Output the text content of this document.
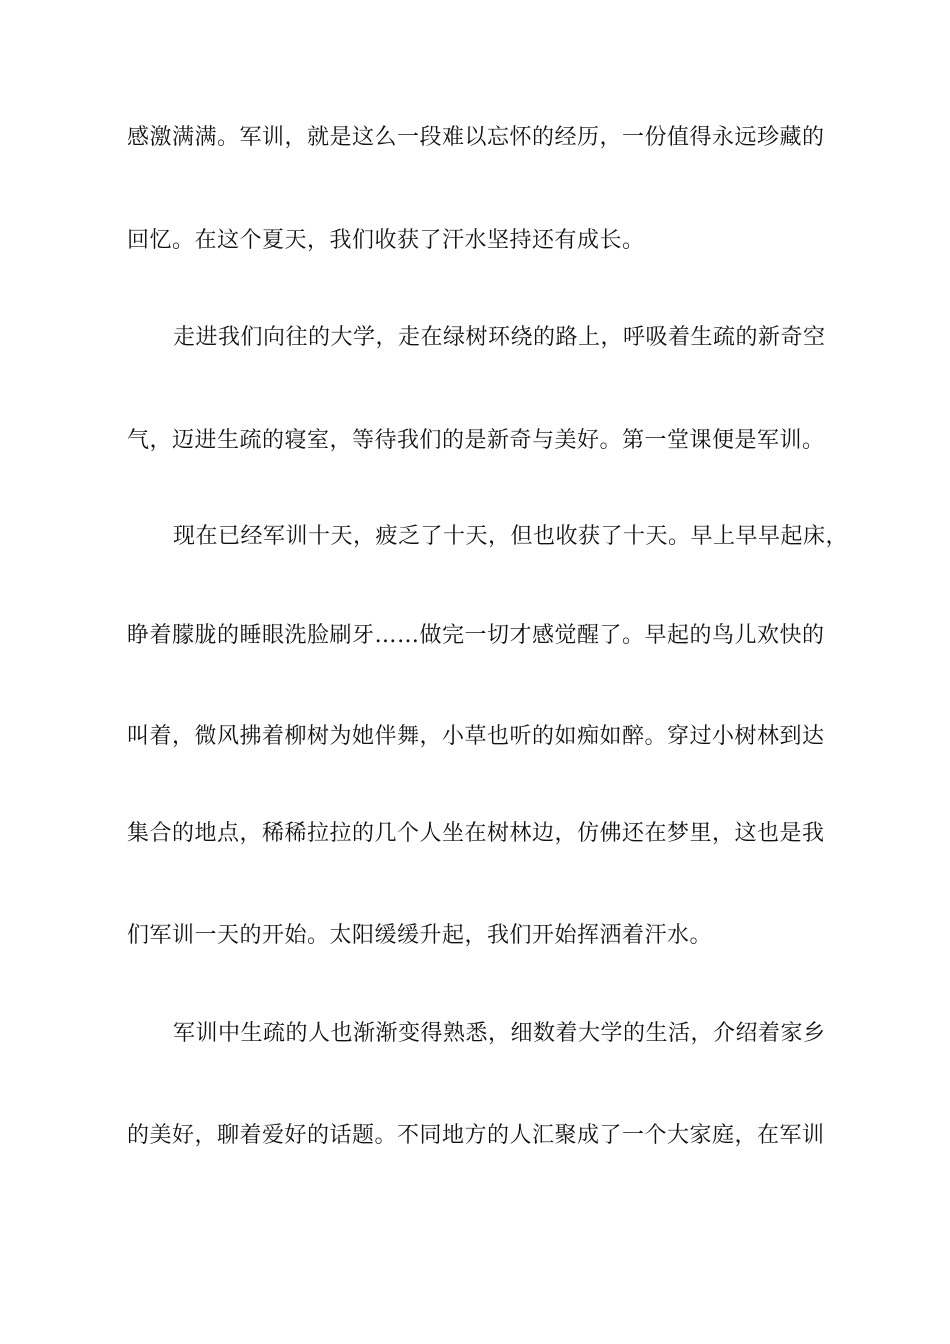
感激满满。军训，就是这么一段难以忘怀的经历，一份值得永远珍藏的
回忆。在这个夏天，我们收获了汗水坚持还有成长。
走进我们向往的大学，走在绿树环绕的路上，呼吸着生疏的新奇空
气，迈进生疏的寝室，等待我们的是新奇与美好。第一堂课便是军训。
现在已经军训十天，疲乏了十天，但也收获了十天。早上早早起床，
睁着朦胧的睡眼洗脸刷牙……做完一切才感觉醒了。早起的鸟儿欢快的
叫着，微风拂着柳树为她伴舞，小草也听的如痴如醉。穿过小树林到达
集合的地点，稀稀拉拉的几个人坐在树林边，仿佛还在梦里，这也是我
们军训一天的开始。太阳缓缓升起，我们开始挥洒着汗水。
军训中生疏的人也渐渐变得熟悉，细数着大学的生活，介绍着家乡
的美好，聊着爱好的话题。不同地方的人汇聚成了一个大家庭，在军训
